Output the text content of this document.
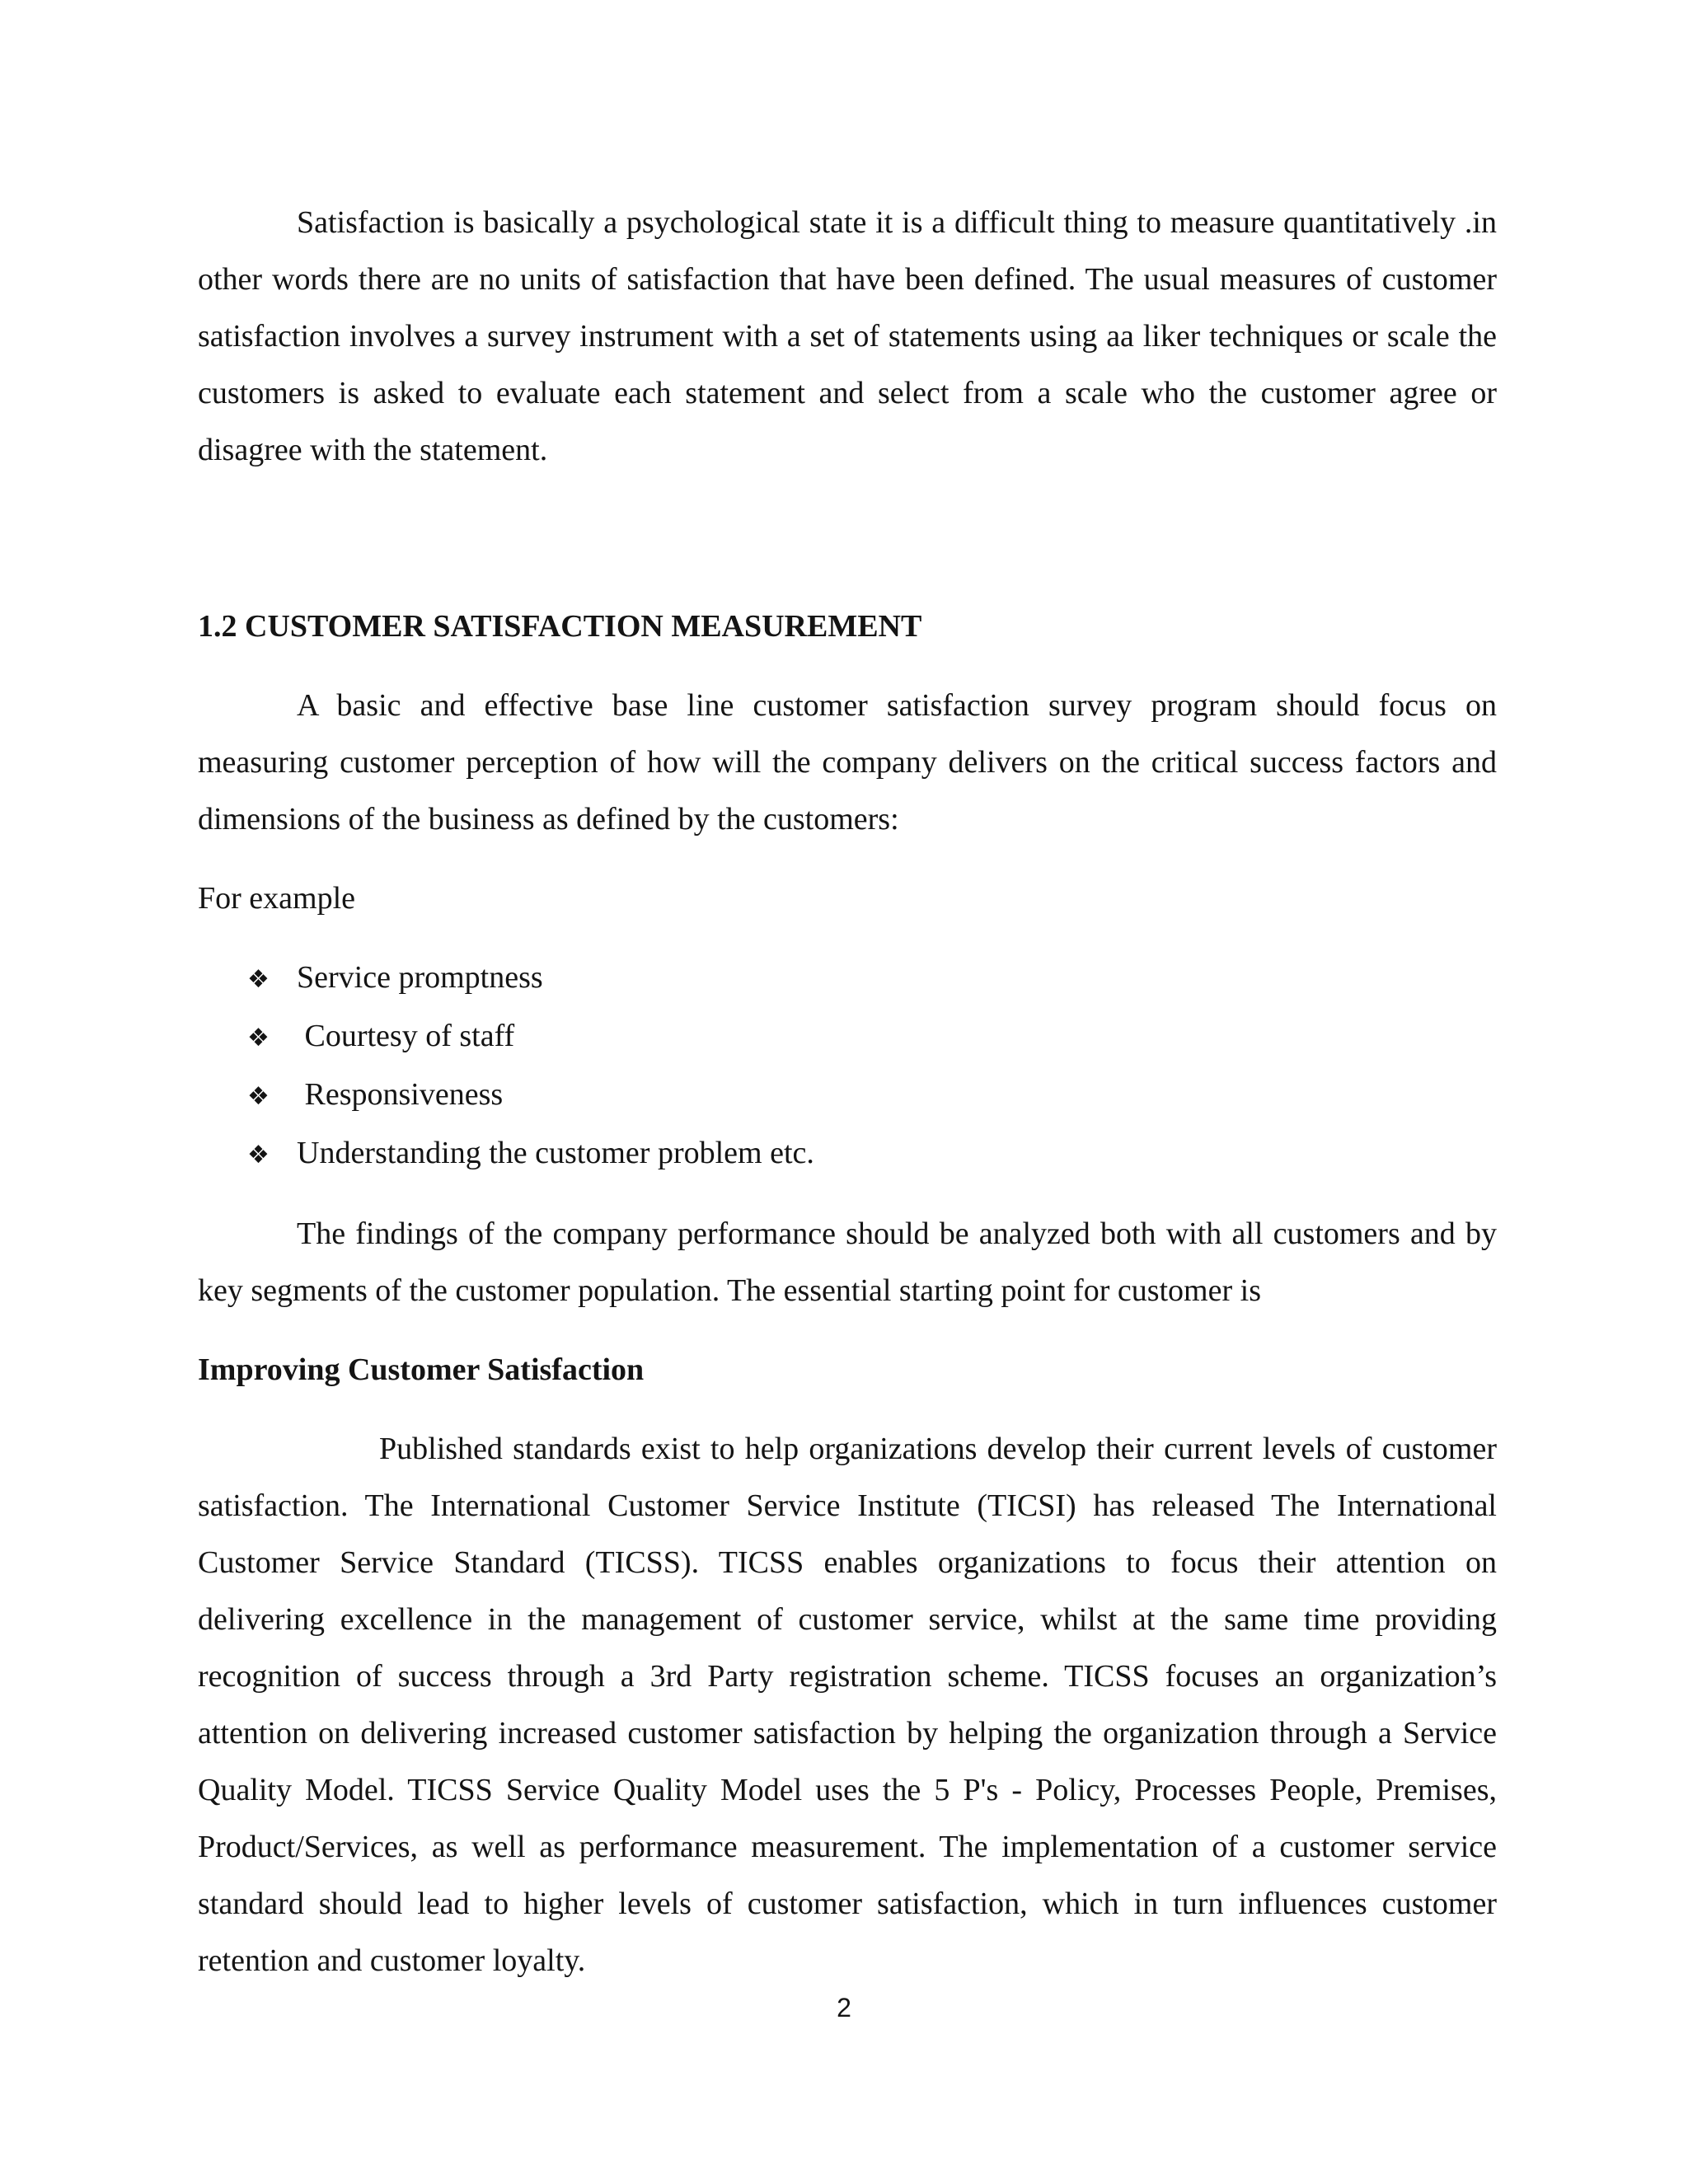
Satisfaction is basically a psychological state it is a difficult thing to measure quantitatively .in other words there are no units of satisfaction that have been defined. The usual measures of customer satisfaction involves a survey instrument with a set of statements using aa liker techniques or scale the customers is asked to evaluate each statement and select from a scale who the customer agree or disagree with the statement.

1.2 CUSTOMER SATISFACTION MEASUREMENT

A basic and effective base line customer satisfaction survey program should focus on measuring customer perception of how will the company delivers on the critical success factors and dimensions of the business as defined by the customers:

For example

❖ Service promptness
❖ Courtesy of staff
❖ Responsiveness
❖ Understanding the customer problem etc.

The findings of the company performance should be analyzed both with all customers and by key segments of the customer population. The essential starting point for customer is

Improving Customer Satisfaction

Published standards exist to help organizations develop their current levels of customer satisfaction. The International Customer Service Institute (TICSI) has released The International Customer Service Standard (TICSS). TICSS enables organizations to focus their attention on delivering excellence in the management of customer service, whilst at the same time providing recognition of success through a 3rd Party registration scheme. TICSS focuses an organization’s attention on delivering increased customer satisfaction by helping the organization through a Service Quality Model. TICSS Service Quality Model uses the 5 P's - Policy, Processes People, Premises, Product/Services, as well as performance measurement. The implementation of a customer service standard should lead to higher levels of customer satisfaction, which in turn influences customer retention and customer loyalty.

2
